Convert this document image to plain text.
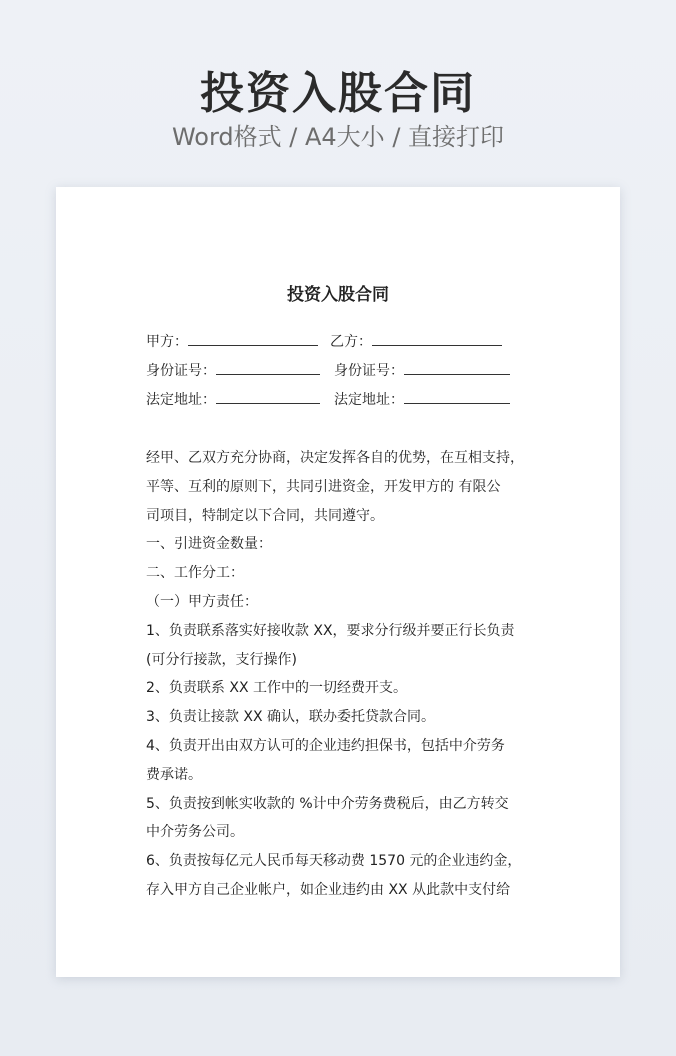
投资入股合同
Word格式 / A4大小 / 直接打印
投资入股合同
甲方：	乙方：
身份证号：	身份证号：
法定地址：	法定地址：

经甲、乙双方充分协商，决定发挥各自的优势，在互相支持，

平等、互利的原则下，共同引进资金，开发甲方的 有限公

司项目，特制定以下合同，共同遵守。

一、引进资金数量：

二、工作分工：

（一）甲方责任：

1、负责联系落实好接收款 XX，要求分行级并要正行长负责

(可分行接款，支行操作)

2、负责联系 XX 工作中的一切经费开支。

3、负责让接款 XX 确认，联办委托贷款合同。

4、负责开出由双方认可的企业违约担保书，包括中介劳务

费承诺。

5、负责按到帐实收款的 %计中介劳务费税后，由乙方转交

中介劳务公司。

6、负责按每亿元人民币每天移动费 1570 元的企业违约金，

存入甲方自己企业帐户，如企业违约由 XX 从此款中支付给
